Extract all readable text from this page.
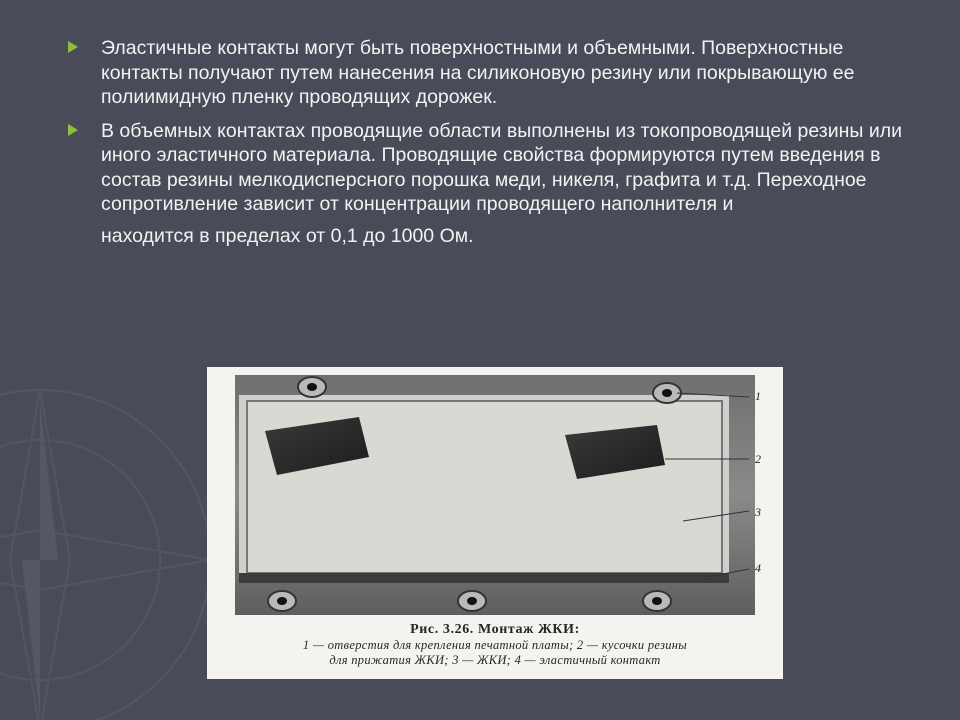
Эластичные контакты могут быть поверхностными и объемными. Поверхностные контакты получают путем нанесения на силиконовую резину или покрывающую ее полиимидную пленку проводящих дорожек.
В объемных контактах проводящие области выполнены из токопроводящей резины или иного эластичного материала. Проводящие свойства формируются путем введения в состав резины мелкодисперсного порошка меди, никеля, графита и т.д. Переходное сопротивление зависит от концентрации проводящего наполнителя и
находится в пределах от 0,1 до 1000 Ом.
1
2
3
4
Рис. 3.26. Монтаж ЖКИ:
1 — отверстия для крепления печатной платы; 2 — кусочки резины
для прижатия ЖКИ; 3 — ЖКИ; 4 — эластичный контакт
